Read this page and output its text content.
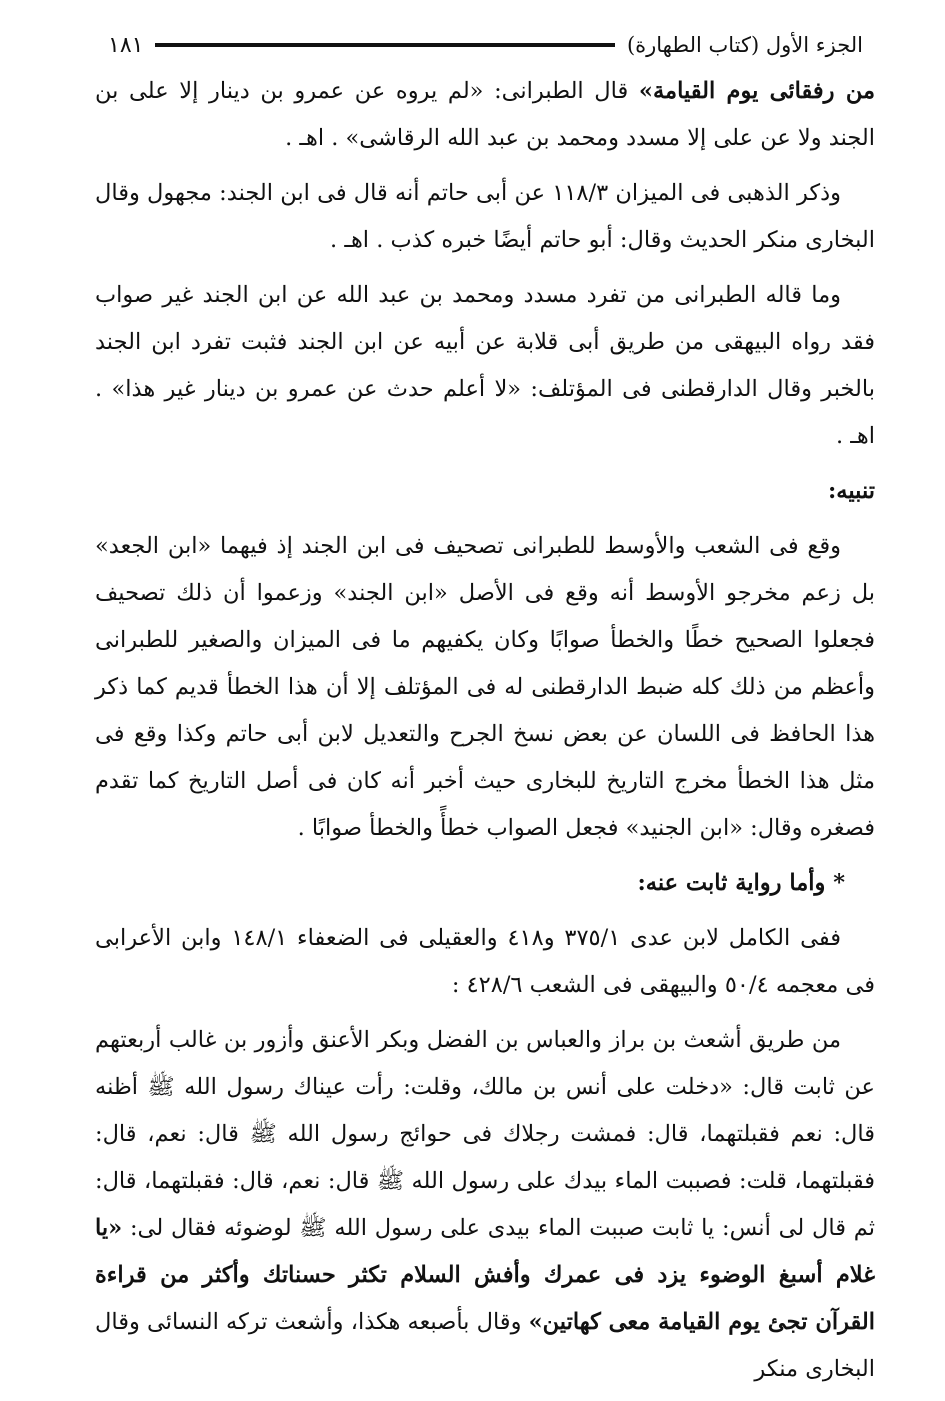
الجزء الأول (كتاب الطهارة)
١٨١

من رفقائى يوم القيامة» قال الطبرانى: «لم يروه عن عمرو بن دينار إلا على بن الجند ولا عن على إلا مسدد ومحمد بن عبد الله الرقاشى» . اهـ .

وذكر الذهبى فى الميزان ١١٨/٣ عن أبى حاتم أنه قال فى ابن الجند: مجهول وقال البخارى منكر الحديث وقال: أبو حاتم أيضًا خبره كذب . اهـ .

وما قاله الطبرانى من تفرد مسدد ومحمد بن عبد الله عن ابن الجند غير صواب فقد رواه البيهقى من طريق أبى قلابة عن أبيه عن ابن الجند فثبت تفرد ابن الجند بالخبر وقال الدارقطنى فى المؤتلف: «لا أعلم حدث عن عمرو بن دينار غير هذا» . اهـ .

تنبيه:

وقع فى الشعب والأوسط للطبرانى تصحيف فى ابن الجند إذ فيهما «ابن الجعد» بل زعم مخرجو الأوسط أنه وقع فى الأصل «ابن الجند» وزعموا أن ذلك تصحيف فجعلوا الصحيح خطًا والخطأ صوابًا وكان يكفيهم ما فى الميزان والصغير للطبرانى وأعظم من ذلك كله ضبط الدارقطنى له فى المؤتلف إلا أن هذا الخطأ قديم كما ذكر هذا الحافظ فى اللسان عن بعض نسخ الجرح والتعديل لابن أبى حاتم وكذا وقع فى مثل هذا الخطأ مخرج التاريخ للبخارى حيث أخبر أنه كان فى أصل التاريخ كما تقدم فصغره وقال: «ابن الجنيد» فجعل الصواب خطأً والخطأ صوابًا .

* وأما رواية ثابت عنه:

ففى الكامل لابن عدى ٣٧٥/١ و٤١٨ والعقيلى فى الضعفاء ١٤٨/١ وابن الأعرابى فى معجمه ٥٠/٤ والبيهقى فى الشعب ٤٢٨/٦ :

من طريق أشعث بن براز والعباس بن الفضل وبكر الأعنق وأزور بن غالب أربعتهم عن ثابت قال: «دخلت على أنس بن مالك، وقلت: رأت عيناك رسول الله ﷺ أظنه قال: نعم فقبلتهما، قال: فمشت رجلاك فى حوائج رسول الله ﷺ قال: نعم، قال: فقبلتهما، قلت: فصببت الماء بيدك على رسول الله ﷺ قال: نعم، قال: فقبلتهما، قال: ثم قال لى أنس: يا ثابت صببت الماء بيدى على رسول الله ﷺ لوضوئه فقال لى: «يا غلام أسبغ الوضوء يزد فى عمرك وأفش السلام تكثر حسناتك وأكثر من قراءة القرآن تجئ يوم القيامة معى كهاتين» وقال بأصبعه هكذا، وأشعث تركه النسائى وقال البخارى منكر
